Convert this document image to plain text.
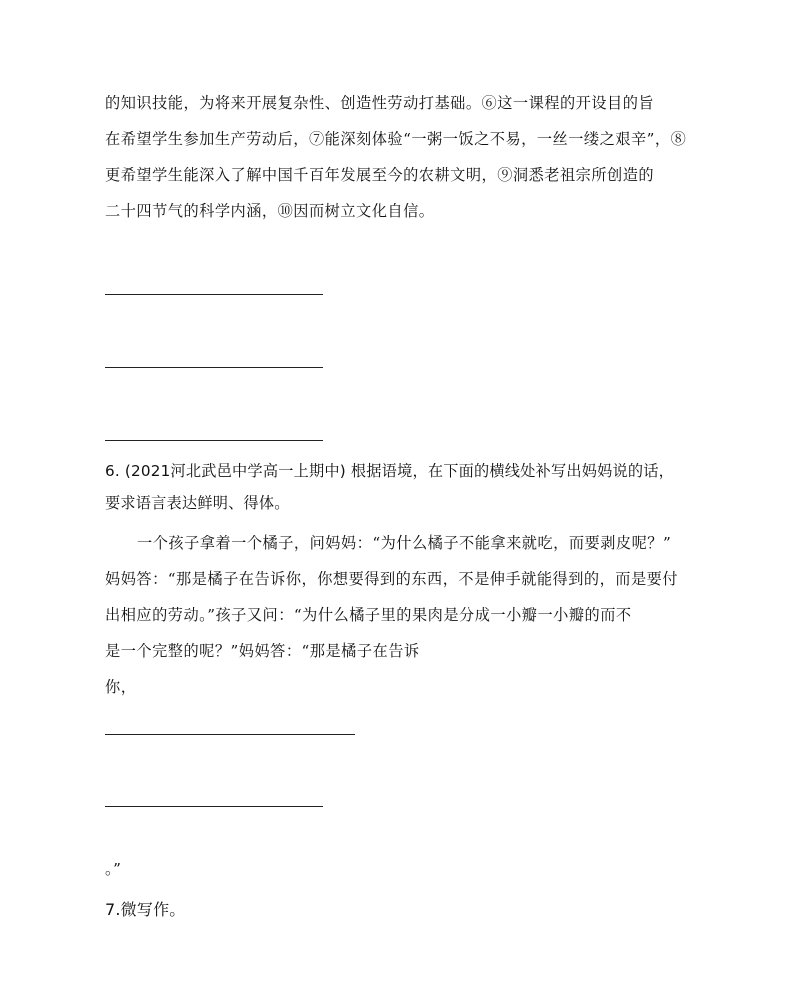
的知识技能，为将来开展复杂性、创造性劳动打基础。⑥这一课程的开设目的旨
在希望学生参加生产劳动后，⑦能深刻体验“一粥一饭之不易，一丝一缕之艰辛”，⑧
更希望学生能深入了解中国千百年发展至今的农耕文明，⑨洞悉老祖宗所创造的
二十四节气的科学内涵，⑩因而树立文化自信。
6. (2021河北武邑中学高一上期中) 根据语境，在下面的横线处补写出妈妈说的话，
要求语言表达鲜明、得体。
一个孩子拿着一个橘子，问妈妈：“为什么橘子不能拿来就吃，而要剥皮呢？”
妈妈答：“那是橘子在告诉你，你想要得到的东西，不是伸手就能得到的，而是要付
出相应的劳动。”孩子又问：“为什么橘子里的果肉是分成一小瓣一小瓣的而不
是一个完整的呢？”妈妈答：“那是橘子在告诉
你，
。”
7.微写作。
